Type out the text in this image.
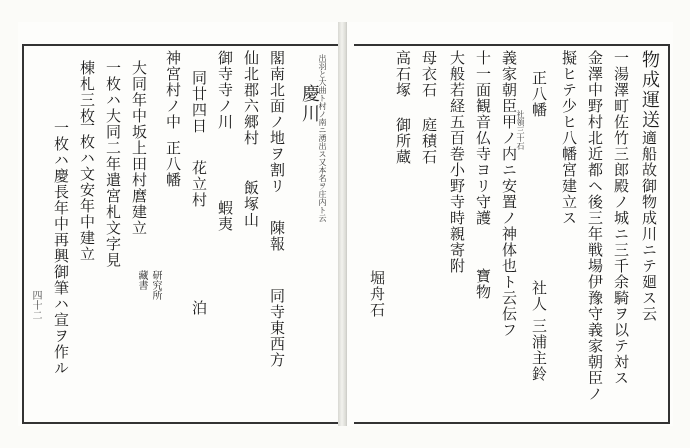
物成運送
適船故御物成川ニテ廻ス云
一湯澤町佐竹三郎殿ノ城ニ三千余騎ヲ以テ対ス
金澤中野村北近都ヘ後三年戦場伊豫守義家朝臣ノ
擬ヒテ少ヒ八幡宮建立ス
正八幡
社領三十石
社人
三浦主鈴
義家朝臣甲ノ内ニ安置ノ神体也ト云伝フ
十一面観音仏寺ヨリ守護
寶物
大般若経五百巻小野寺時親寄附
母衣石 庭積石
高石塚 御所蔵
堀舟石
慶川
出羽と大曲ト村ノ南ニ湧出ス又本名ヲ庄内ト云
閣南北面ノ地ヲ割リ
陳報
同寺東西方
仙北郡六郷村
飯塚山
御寺寺ノ川
蝦夷
同廿四日
花立村
泊
神宮村ノ中
正八幡
研究所
藏書
大同年中坂上田村麿建立
一枚ハ大同二年遣宮札文字見
棟札三枚
一枚ハ文安年中建立
一枚ハ慶長年中再興御筆ハ宣ヲ作ル
四十二
